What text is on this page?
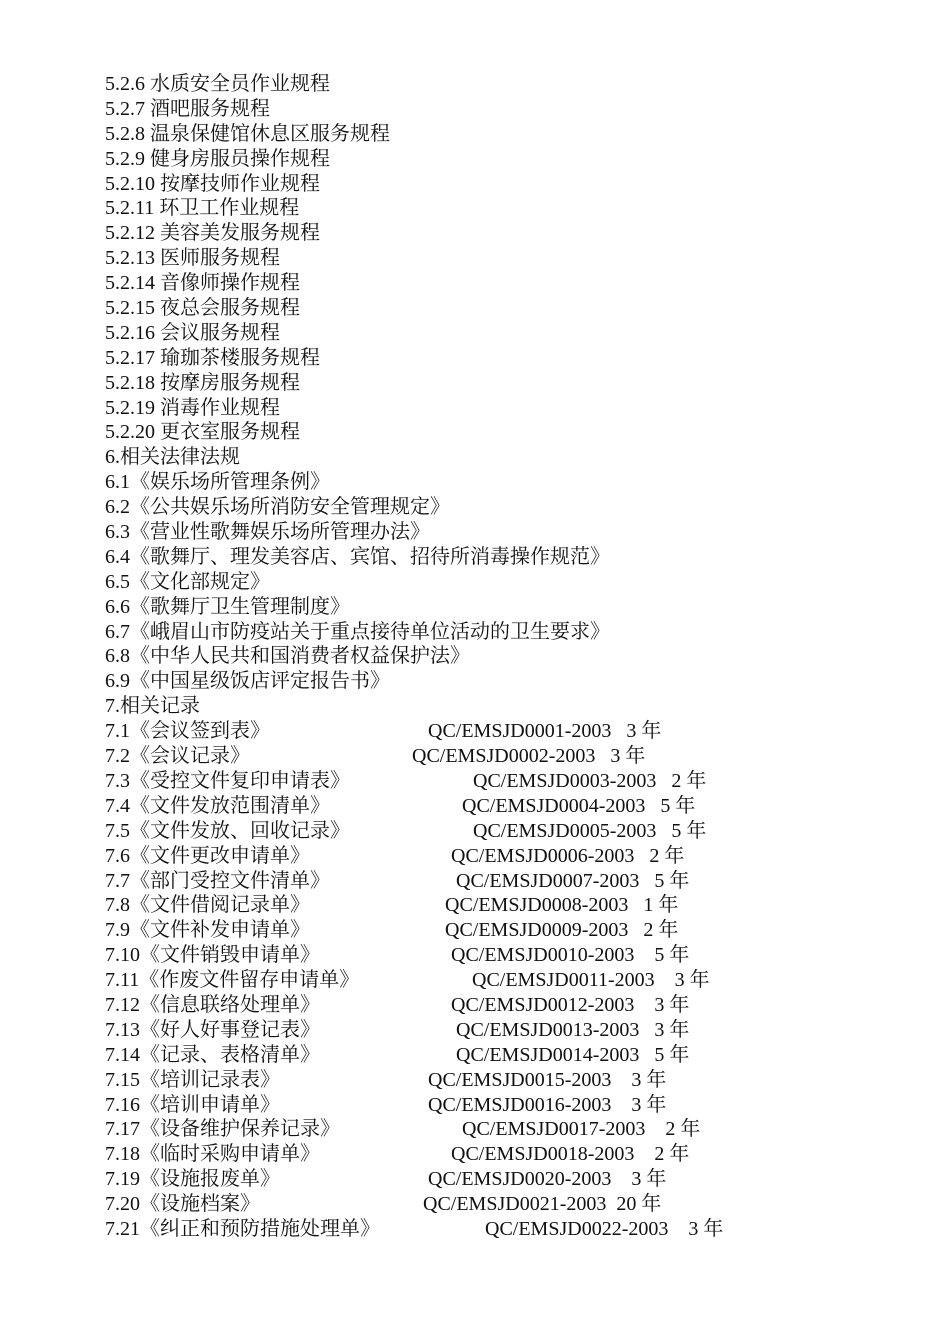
5.2.6 水质安全员作业规程
5.2.7 酒吧服务规程
5.2.8 温泉保健馆休息区服务规程
5.2.9 健身房服员操作规程
5.2.10 按摩技师作业规程
5.2.11 环卫工作业规程
5.2.12 美容美发服务规程
5.2.13 医师服务规程
5.2.14 音像师操作规程
5.2.15 夜总会服务规程
5.2.16 会议服务规程
5.2.17 瑜珈茶楼服务规程
5.2.18 按摩房服务规程
5.2.19 消毒作业规程
5.2.20 更衣室服务规程
6.相关法律法规
6.1《娱乐场所管理条例》
6.2《公共娱乐场所消防安全管理规定》
6.3《营业性歌舞娱乐场所管理办法》
6.4《歌舞厅、理发美容店、宾馆、招待所消毒操作规范》
6.5《文化部规定》
6.6《歌舞厅卫生管理制度》
6.7《峨眉山市防疫站关于重点接待单位活动的卫生要求》
6.8《中华人民共和国消费者权益保护法》
6.9《中国星级饭店评定报告书》
7.相关记录
7.1《会议签到表》	QC/EMSJD0001-2003   3 年
7.2《会议记录》	QC/EMSJD0002-2003   3 年
7.3《受控文件复印申请表》	QC/EMSJD0003-2003   2 年
7.4《文件发放范围清单》	QC/EMSJD0004-2003   5 年
7.5《文件发放、回收记录》	QC/EMSJD0005-2003   5 年
7.6《文件更改申请单》	QC/EMSJD0006-2003   2 年
7.7《部门受控文件清单》	QC/EMSJD0007-2003   5 年
7.8《文件借阅记录单》	QC/EMSJD0008-2003   1 年
7.9《文件补发申请单》	QC/EMSJD0009-2003   2 年
7.10《文件销毁申请单》	QC/EMSJD0010-2003    5 年
7.11《作废文件留存申请单》	QC/EMSJD0011-2003    3 年
7.12《信息联络处理单》	QC/EMSJD0012-2003    3 年
7.13《好人好事登记表》	QC/EMSJD0013-2003   3 年
7.14《记录、表格清单》	QC/EMSJD0014-2003   5 年
7.15《培训记录表》	QC/EMSJD0015-2003    3 年
7.16《培训申请单》	QC/EMSJD0016-2003    3 年
7.17《设备维护保养记录》	QC/EMSJD0017-2003    2 年
7.18《临时采购申请单》	QC/EMSJD0018-2003    2 年
7.19《设施报废单》	QC/EMSJD0020-2003    3 年
7.20《设施档案》	QC/EMSJD0021-2003  20 年
7.21《纠正和预防措施处理单》	QC/EMSJD0022-2003    3 年
